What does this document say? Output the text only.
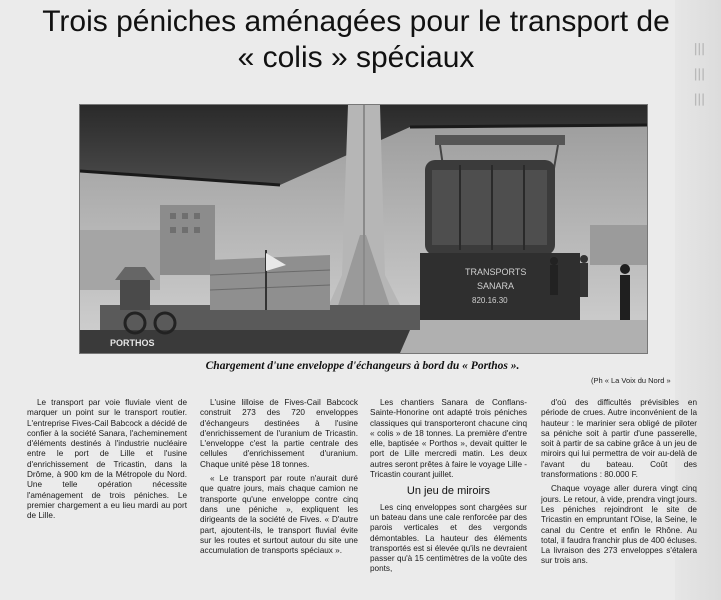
≡ ≡ ≡
Trois péniches aménagées pour le transport de « colis » spéciaux
TRANSPORTS
SANARA
820.16.30
PORTHOS
Chargement d'une enveloppe d'échangeurs à bord du « Porthos ».
(Ph « La Voix du Nord »

Le transport par voie fluviale vient de marquer un point sur le transport routier. L'entreprise Fives-Cail Babcock a décidé de confier à la société Sanara, l'acheminement d'éléments destinés à l'industrie nucléaire entre le port de Lille et l'usine d'enrichissement de Tricastin, dans la Drôme, à 900 km de la Métropole du Nord. Une telle opération nécessite l'aménagement de trois péniches. Le premier chargement a eu lieu mardi au port de Lille.

L'usine lilloise de Fives-Cail Babcock construit 273 des 720 enveloppes d'échangeurs destinées à l'usine d'enrichissement de l'uranium de Tricastin. L'enveloppe c'est la partie centrale des cellules d'enrichissement d'uranium. Chaque unité pèse 18 tonnes.

« Le transport par route n'aurait duré que quatre jours, mais chaque camion ne transporte qu'une enveloppe contre cinq dans une péniche », expliquent les dirigeants de la société de Fives. « D'autre part, ajoutent-ils, le transport fluvial évite sur les routes et surtout autour du site une accumulation de transports spéciaux ».

Les chantiers Sanara de Conflans-Sainte-Honorine ont adapté trois péniches classiques qui transporteront chacune cinq « colis » de 18 tonnes. La première d'entre elle, baptisée « Porthos », devait quitter le port de Lille mercredi matin. Les deux autres seront prêtes à faire le voyage Lille - Tricastin courant juillet.

Un jeu de miroirs

Les cinq enveloppes sont chargées sur un bateau dans une cale renforcée par des parois verticales et des vergonds démontables. La hauteur des éléments transportés est si élevée qu'ils ne devraient passer qu'à 15 centimètres de la voûte des ponts,

d'où des difficultés prévisibles en période de crues. Autre inconvénient de la hauteur : le marinier sera obligé de piloter sa péniche soit à partir d'une passerelle, soit à partir de sa cabine grâce à un jeu de miroirs qui lui permettra de voir au-delà de l'avant du bateau. Coût des transformations : 80.000 F.

Chaque voyage aller durera vingt cinq jours. Le retour, à vide, prendra vingt jours. Les péniches rejoindront le site de Tricastin en empruntant l'Oise, la Seine, le canal du Centre et enfin le Rhône. Au total, il faudra franchir plus de 400 écluses. La livraison des 273 enveloppes s'étalera sur trois ans.
